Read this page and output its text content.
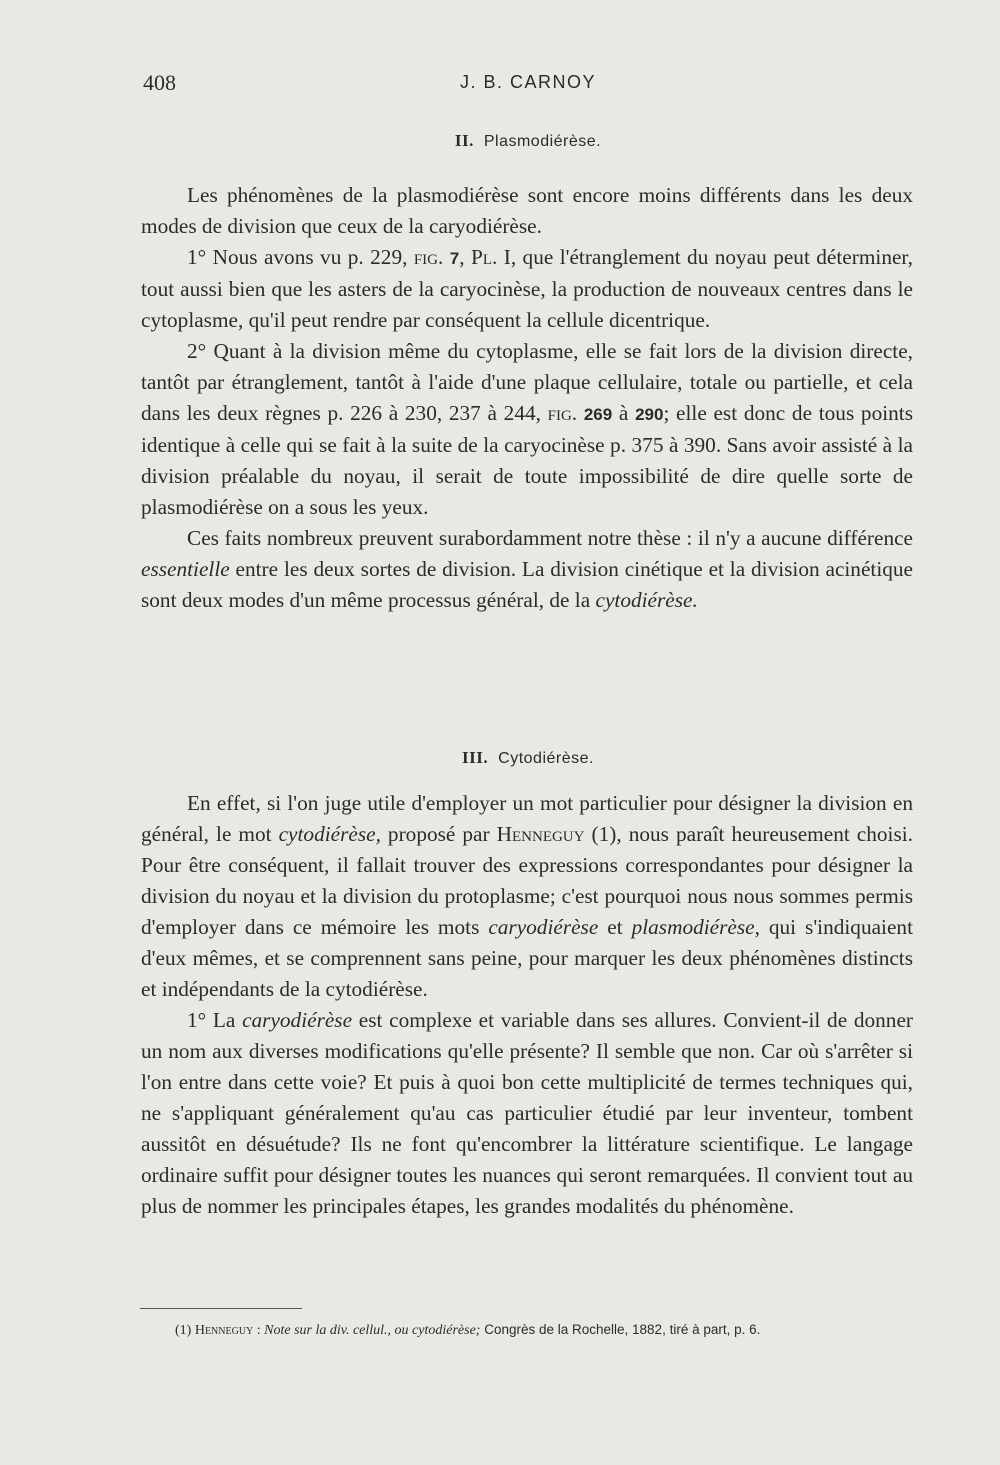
408	J. B. CARNOY
II. Plasmodiérèse.

Les phénomènes de la plasmodiérèse sont encore moins différents dans les deux modes de division que ceux de la caryodiérèse.

1° Nous avons vu p. 229, fig. 7, Pl. I, que l'étranglement du noyau peut déterminer, tout aussi bien que les asters de la caryocinèse, la production de nouveaux centres dans le cytoplasme, qu'il peut rendre par conséquent la cellule dicentrique.

2° Quant à la division même du cytoplasme, elle se fait lors de la division directe, tantôt par étranglement, tantôt à l'aide d'une plaque cellulaire, totale ou partielle, et cela dans les deux règnes p. 226 à 230, 237 à 244, fig. 269 à 290; elle est donc de tous points identique à celle qui se fait à la suite de la caryocinèse p. 375 à 390. Sans avoir assisté à la division préalable du noyau, il serait de toute impossibilité de dire quelle sorte de plasmodiérèse on a sous les yeux.

Ces faits nombreux preuvent surabordamment notre thèse : il n'y a aucune différence essentielle entre les deux sortes de division. La division cinétique et la division acinétique sont deux modes d'un même processus général, de la cytodiérèse.

III. Cytodiérèse.

En effet, si l'on juge utile d'employer un mot particulier pour désigner la division en général, le mot cytodiérèse, proposé par Henneguy (1), nous paraît heureusement choisi. Pour être conséquent, il fallait trouver des expressions correspondantes pour désigner la division du noyau et la division du protoplasme; c'est pourquoi nous nous sommes permis d'employer dans ce mémoire les mots caryodiérèse et plasmodiérèse, qui s'indiquaient d'eux mêmes, et se comprennent sans peine, pour marquer les deux phénomènes distincts et indépendants de la cytodiérèse.

1° La caryodiérèse est complexe et variable dans ses allures. Convient-il de donner un nom aux diverses modifications qu'elle présente? Il semble que non. Car où s'arrêter si l'on entre dans cette voie? Et puis à quoi bon cette multiplicité de termes techniques qui, ne s'appliquant généralement qu'au cas particulier étudié par leur inventeur, tombent aussitôt en désuétude? Ils ne font qu'encombrer la littérature scientifique. Le langage ordinaire suffit pour désigner toutes les nuances qui seront remarquées. Il convient tout au plus de nommer les principales étapes, les grandes modalités du phénomène.

(1) Henneguy : Note sur la div. cellul., ou cytodiérèse; Congrès de la Rochelle, 1882, tiré à part, p. 6.
